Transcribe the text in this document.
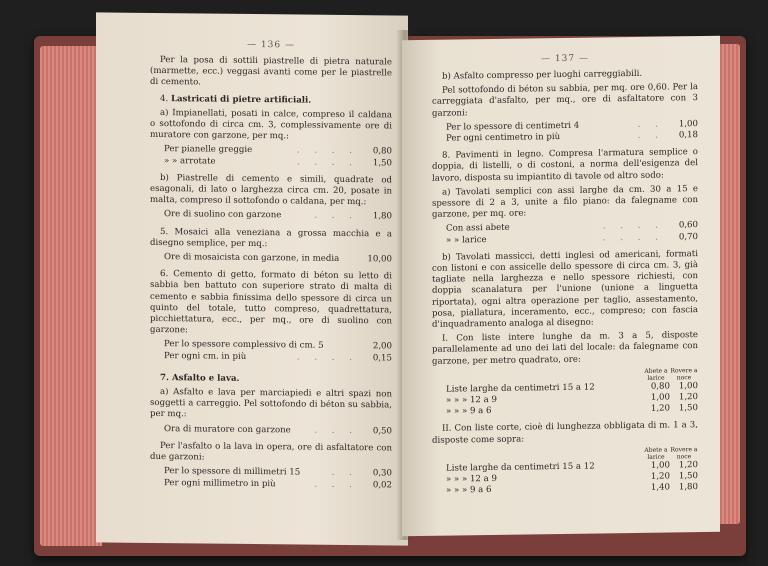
— 136 —

Per la posa di sottili piastrelle di pietra naturale (marmette, ecc.) veggasi avanti come per le piastrelle di cemento.

4. Lastricati di pietre artificiali.

a) Impianellati, posati in calce, compreso il caldana o sottofondo di circa cm. 3, complessivamente ore di muratore con garzone, per mq.:

Per pianelle greggie	. . . .	0,80
» » arrotate	. . . .	1,50

b) Piastrelle di cemento e simili, quadrate od esagonali, di lato o larghezza circa cm. 20, posate in malta, compreso il sottofondo o caldana, per mq.:

Ore di suolino con garzone	. . .	1,80

5. Mosaici alla veneziana a grossa macchia e a disegno semplice, per mq.:

Ore di mosaicista con garzone, in media	10,00

6. Cemento di getto, formato di béton su letto di sabbia ben battuto con superiore strato di malta di cemento e sabbia finissima dello spessore di circa un quinto del totale, tutto compreso, quadrettatura, picchiettatura, ecc., per mq., ore di suolino con garzone:

Per lo spessore complessivo di cm. 5	2,00
Per ogni cm. in più	. . . .	0,15
7. Asfalto e lava.

a) Asfalto e lava per marciapiedi e altri spazi non soggetti a carreggio. Pel sottofondo di béton su sabbia, per mq.:

Ora di muratore con garzone	. . .	0,50

Per l'asfalto o la lava in opera, ore di asfaltatore con due garzoni:

Per lo spessore di millimetri 15	. .	0,30
Per ogni millimetro in più	. . .	0,02
— 137 —

b) Asfalto compresso per luoghi carreggiabili.

Pel sottofondo di béton su sabbia, per mq. ore 0,60. Per la carreggiata d'asfalto, per mq., ore di asfaltatore con 3 garzoni:

Per lo spessore di centimetri 4	. .	1,00
Per ogni centimetro in più	. .	0,18

8. Pavimenti in legno. Compresa l'armatura semplice o doppia, di listelli, o di costoni, a norma dell'esigenza del lavoro, disposta su impiantito di tavole od altro sodo:

a) Tavolati semplici con assi larghe da cm. 30 a 15 e spessore di 2 a 3, unite a filo piano: da falegname con garzone, per mq. ore:

Con assi abete	. . . .	0,60
» » larice	. . . .	0,70

b) Tavolati massicci, detti inglesi od americani, formati con listoni e con assicelle dello spessore di circa cm. 3, già tagliate nella larghezza e nello spessore richiesti, con doppia scanalatura per l'unione (unione a linguetta riportata), ogni altra operazione per taglio, assestamento, posa, piallatura, inceramento, ecc., compreso; con fascia d'inquadramento analoga al disegno:

I. Con liste intere lunghe da m. 3 a 5, disposte parallelamente ad uno dei lati del locale: da falegname con garzone, per metro quadrato, ore:

Abete a larice
Rovere a noce
Liste larghe da centimetri 15 a 12	0,80	1,00
» » » 12 a 9	1,00	1,20
» » » 9 a 6	1,20	1,50

II. Con liste corte, cioè di lunghezza obbligata di m. 1 a 3, disposte come sopra:

Abete a larice
Rovere a noce
Liste larghe da centimetri 15 a 12	1,00	1,20
» » » 12 a 9	1,20	1,50
» » » 9 a 6	1,40	1,80
